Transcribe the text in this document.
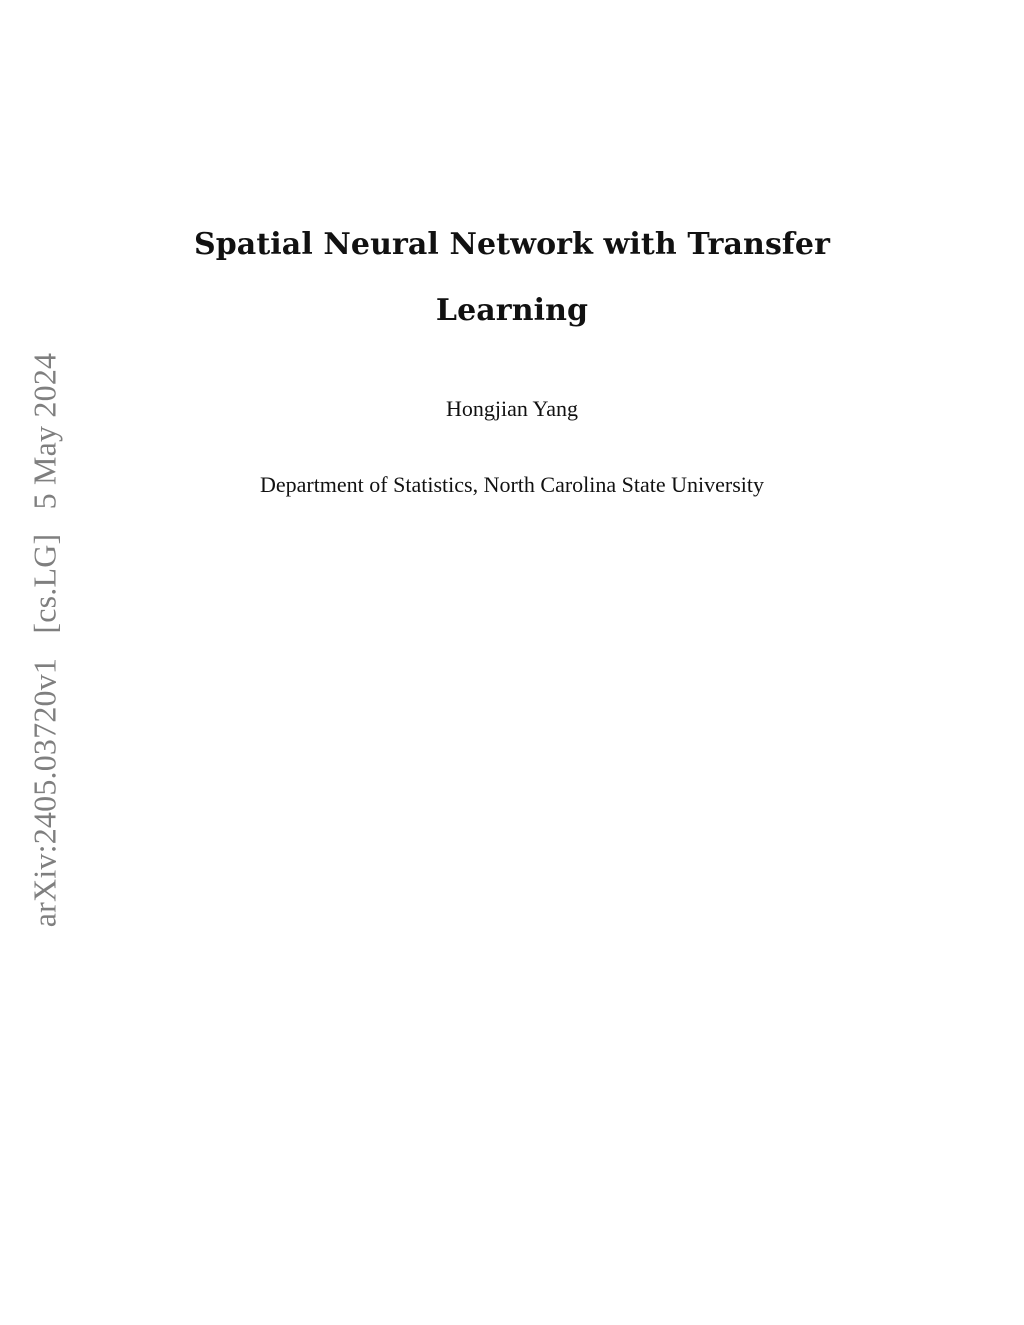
arXiv:2405.03720v1 [cs.LG] 5 May 2024
Spatial Neural Network with Transfer
Learning
Hongjian Yang
Department of Statistics, North Carolina State University
